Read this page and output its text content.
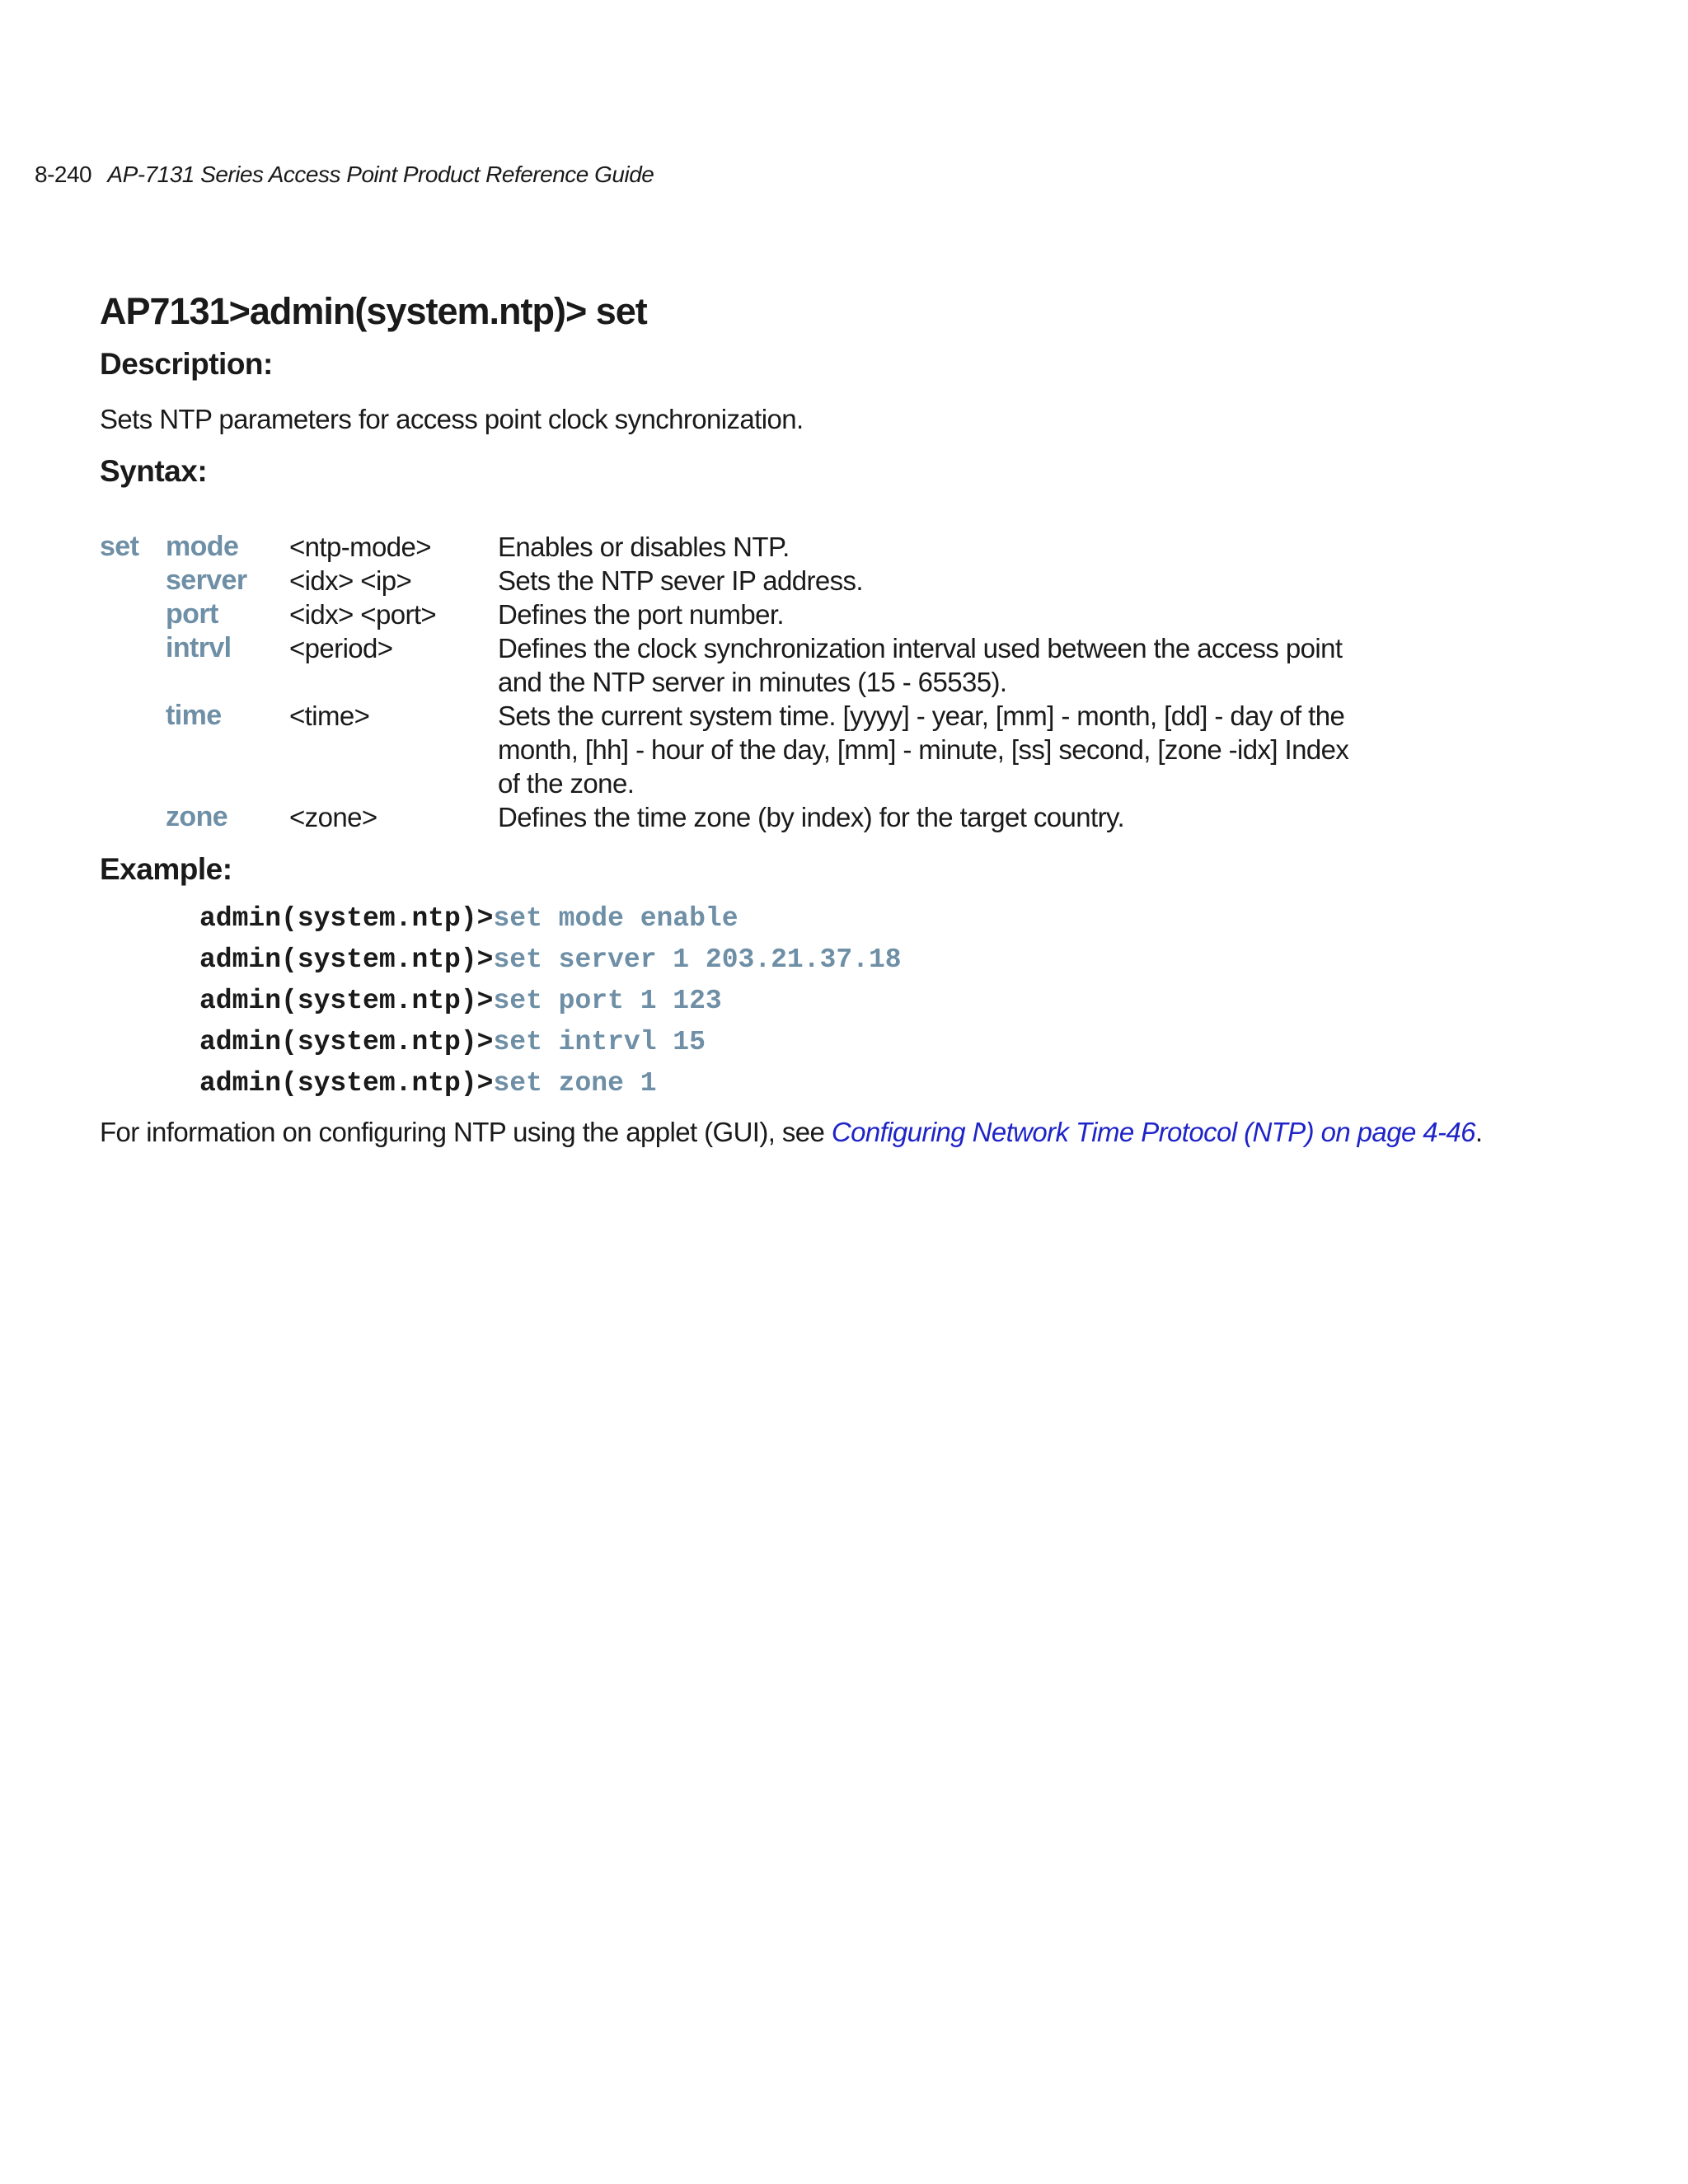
8-240 AP-7131 Series Access Point Product Reference Guide
AP7131>admin(system.ntp)> set
Description:

Sets NTP parameters for access point clock synchronization.

Syntax:
set mode	<ntp-mode>	Enables or disables NTP.
server	<idx> <ip>	Sets the NTP sever IP address.
port	<idx> <port>	Defines the port number.
intrvl	<period>	Defines the clock synchronization interval used between the access point and the NTP server in minutes (15 - 65535).
time	<time>	Sets the current system time. [yyyy] - year, [mm] - month, [dd] - day of the month, [hh] - hour of the day, [mm] - minute, [ss] second, [zone -idx] Index of the zone.
zone	<zone>	Defines the time zone (by index) for the target country.
Example:
admin(system.ntp)>set mode enable
admin(system.ntp)>set server 1 203.21.37.18
admin(system.ntp)>set port 1 123
admin(system.ntp)>set intrvl 15
admin(system.ntp)>set zone 1

For information on configuring NTP using the applet (GUI), see Configuring Network Time Protocol (NTP) on page 4-46.
